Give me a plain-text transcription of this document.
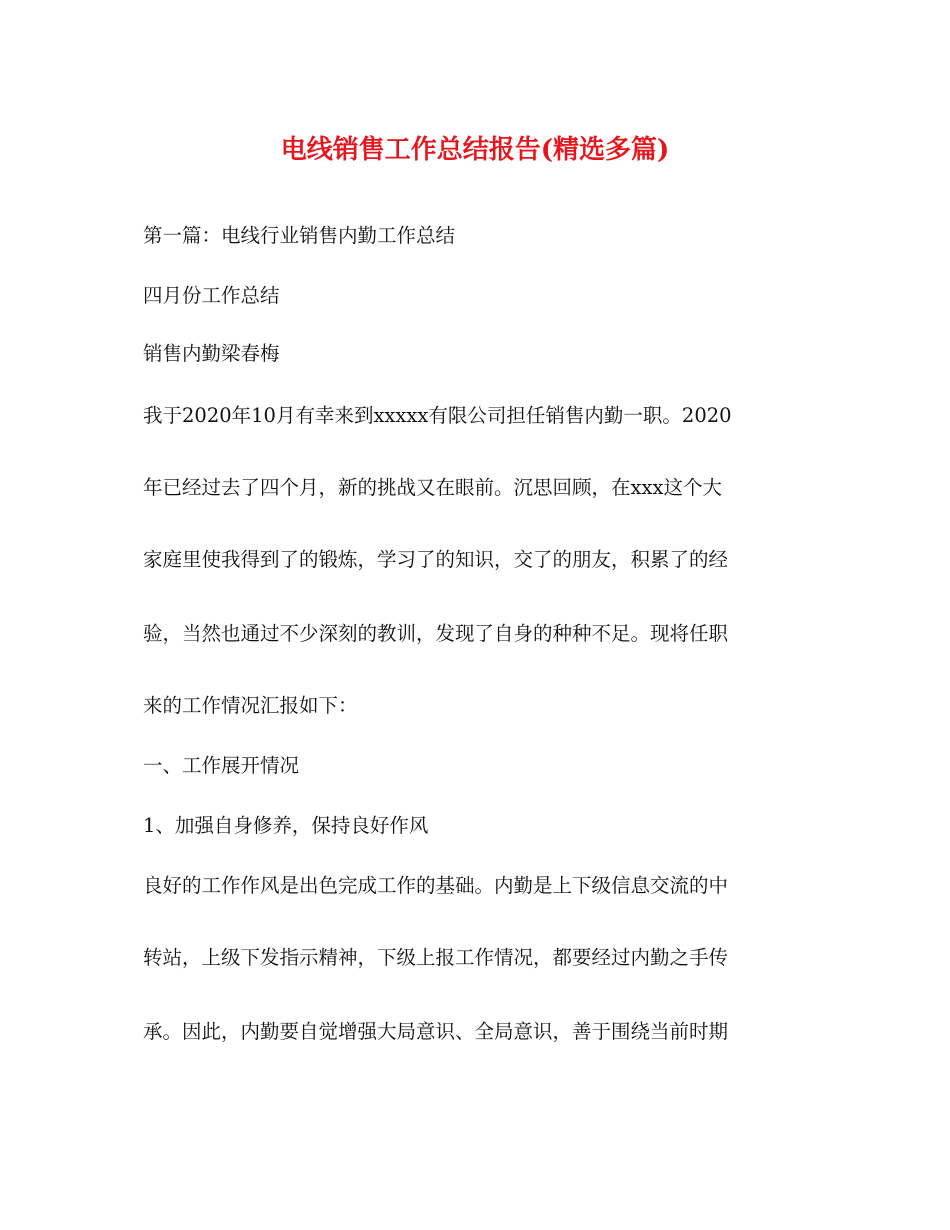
电线销售工作总结报告(精选多篇)

第一篇：电线行业销售内勤工作总结

四月份工作总结

销售内勤梁春梅

我于2020年10月有幸来到xxxxx有限公司担任销售内勤一职。2020

年已经过去了四个月，新的挑战又在眼前。沉思回顾，在xxx这个大

家庭里使我得到了的锻炼，学习了的知识，交了的朋友，积累了的经

验，当然也通过不少深刻的教训，发现了自身的种种不足。现将任职

来的工作情况汇报如下：

一、工作展开情况

1、加强自身修养，保持良好作风

良好的工作作风是出色完成工作的基础。内勤是上下级信息交流的中

转站，上级下发指示精神，下级上报工作情况，都要经过内勤之手传

承。因此，内勤要自觉增强大局意识、全局意识，善于围绕当前时期
